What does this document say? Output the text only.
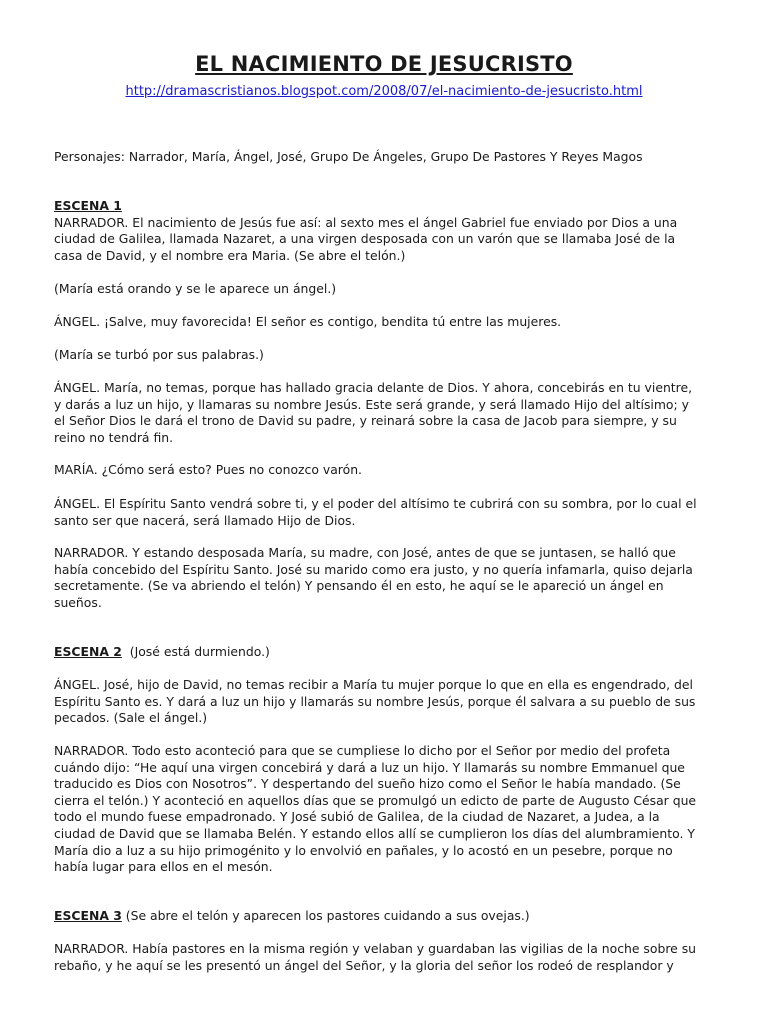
EL NACIMIENTO DE JESUCRISTO
http://dramascristianos.blogspot.com/2008/07/el-nacimiento-de-jesucristo.html

Personajes: Narrador, María, Ángel, José, Grupo De Ángeles, Grupo De Pastores Y Reyes Magos

ESCENA 1
NARRADOR. El nacimiento de Jesús fue así: al sexto mes el ángel Gabriel fue enviado por Dios a una
ciudad de Galilea, llamada Nazaret, a una virgen desposada con un varón que se llamaba José de la
casa de David, y el nombre era Maria. (Se abre el telón.)

(María está orando y se le aparece un ángel.)

ÁNGEL. ¡Salve, muy favorecida! El señor es contigo, bendita tú entre las mujeres.

(María se turbó por sus palabras.)

ÁNGEL. María, no temas, porque has hallado gracia delante de Dios. Y ahora, concebirás en tu vientre,
y darás a luz un hijo, y llamaras su nombre Jesús. Este será grande, y será llamado Hijo del altísimo; y
el Señor Dios le dará el trono de David su padre, y reinará sobre la casa de Jacob para siempre, y su
reino no tendrá fin.

MARÍA. ¿Cómo será esto? Pues no conozco varón.

ÁNGEL. El Espíritu Santo vendrá sobre ti, y el poder del altísimo te cubrirá con su sombra, por lo cual el
santo ser que nacerá, será llamado Hijo de Dios.

NARRADOR. Y estando desposada María, su madre, con José, antes de que se juntasen, se halló que
había concebido del Espíritu Santo. José su marido como era justo, y no quería infamarla, quiso dejarla
secretamente. (Se va abriendo el telón) Y pensando él en esto, he aquí se le apareció un ángel en
sueños.

ESCENA 2 (José está durmiendo.)

ÁNGEL. José, hijo de David, no temas recibir a María tu mujer porque lo que en ella es engendrado, del
Espíritu Santo es. Y dará a luz un hijo y llamarás su nombre Jesús, porque él salvara a su pueblo de sus
pecados. (Sale el ángel.)

NARRADOR. Todo esto aconteció para que se cumpliese lo dicho por el Señor por medio del profeta
cuándo dijo: “He aquí una virgen concebirá y dará a luz un hijo. Y llamarás su nombre Emmanuel que
traducido es Dios con Nosotros”. Y despertando del sueño hizo como el Señor le había mandado. (Se
cierra el telón.) Y aconteció en aquellos días que se promulgó un edicto de parte de Augusto César que
todo el mundo fuese empadronado. Y José subió de Galilea, de la ciudad de Nazaret, a Judea, a la
ciudad de David que se llamaba Belén. Y estando ellos allí se cumplieron los días del alumbramiento. Y
María dio a luz a su hijo primogénito y lo envolvió en pañales, y lo acostó en un pesebre, porque no
había lugar para ellos en el mesón.

ESCENA 3 (Se abre el telón y aparecen los pastores cuidando a sus ovejas.)

NARRADOR. Había pastores en la misma región y velaban y guardaban las vigilias de la noche sobre su
rebaño, y he aquí se les presentó un ángel del Señor, y la gloria del señor los rodeó de resplandor y
